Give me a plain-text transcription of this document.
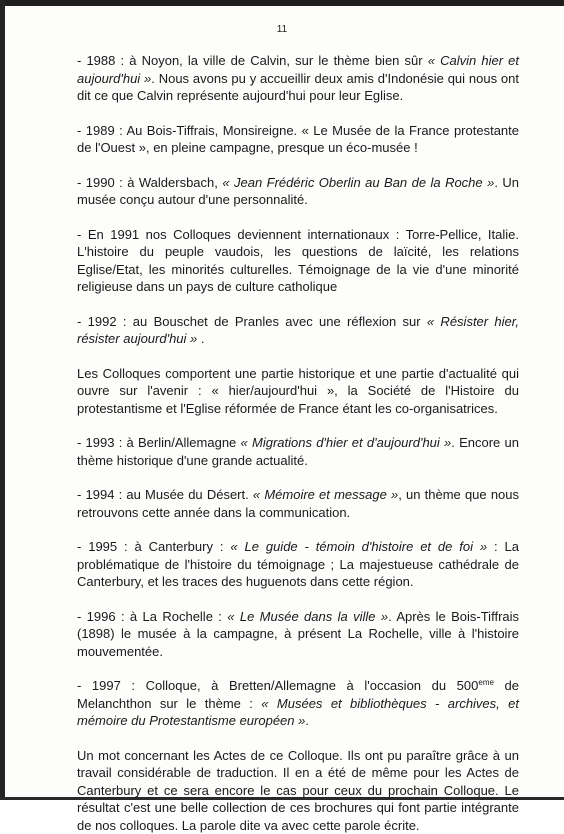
11

- 1988 : à Noyon, la ville de Calvin, sur le thème bien sûr « Calvin hier et aujourd'hui ». Nous avons pu y accueillir deux amis d'Indonésie qui nous ont dit ce que Calvin représente aujourd'hui pour leur Eglise.

- 1989 : Au Bois-Tiffrais, Monsireigne. « Le Musée de la France protestante de l'Ouest », en pleine campagne, presque un éco-musée !

- 1990 : à Waldersbach, « Jean Frédéric Oberlin au Ban de la Roche ». Un musée conçu autour d'une personnalité.

- En 1991 nos Colloques deviennent internationaux : Torre-Pellice, Italie. L'histoire du peuple vaudois, les questions de laïcité, les relations Eglise/Etat, les minorités culturelles. Témoignage de la vie d'une minorité religieuse dans un pays de culture catholique

- 1992 : au Bouschet de Pranles avec une réflexion sur « Résister hier, résister aujourd'hui » .

Les Colloques comportent une partie historique et une partie d'actualité qui ouvre sur l'avenir : « hier/aujourd'hui », la Société de l'Histoire du protestantisme et l'Eglise réformée de France étant les co-organisatrices.

- 1993 : à Berlin/Allemagne « Migrations d'hier et d'aujourd'hui ». Encore un thème historique d'une grande actualité.

- 1994 : au Musée du Désert. « Mémoire et message », un thème que nous retrouvons cette année dans la communication.

- 1995 : à Canterbury : « Le guide - témoin d'histoire et de foi » : La problématique de l'histoire du témoignage ; La majestueuse cathédrale de Canterbury, et les traces des huguenots dans cette région.

- 1996 : à La Rochelle : « Le Musée dans la ville ». Après le Bois-Tiffrais (1898) le musée à la campagne, à présent La Rochelle, ville à l'histoire mouvementée.

- 1997 : Colloque, à Bretten/Allemagne à l'occasion du 500eme de Melanchthon sur le thème : « Musées et bibliothèques - archives, et mémoire du Protestantisme européen ».

Un mot concernant les Actes de ce Colloque. Ils ont pu paraître grâce à un travail considérable de traduction. Il en a été de même pour les Actes de Canterbury et ce sera encore le cas pour ceux du prochain Colloque. Le résultat c'est une belle collection de ces brochures qui font partie intégrante de nos colloques. La parole dite va avec cette parole écrite.
